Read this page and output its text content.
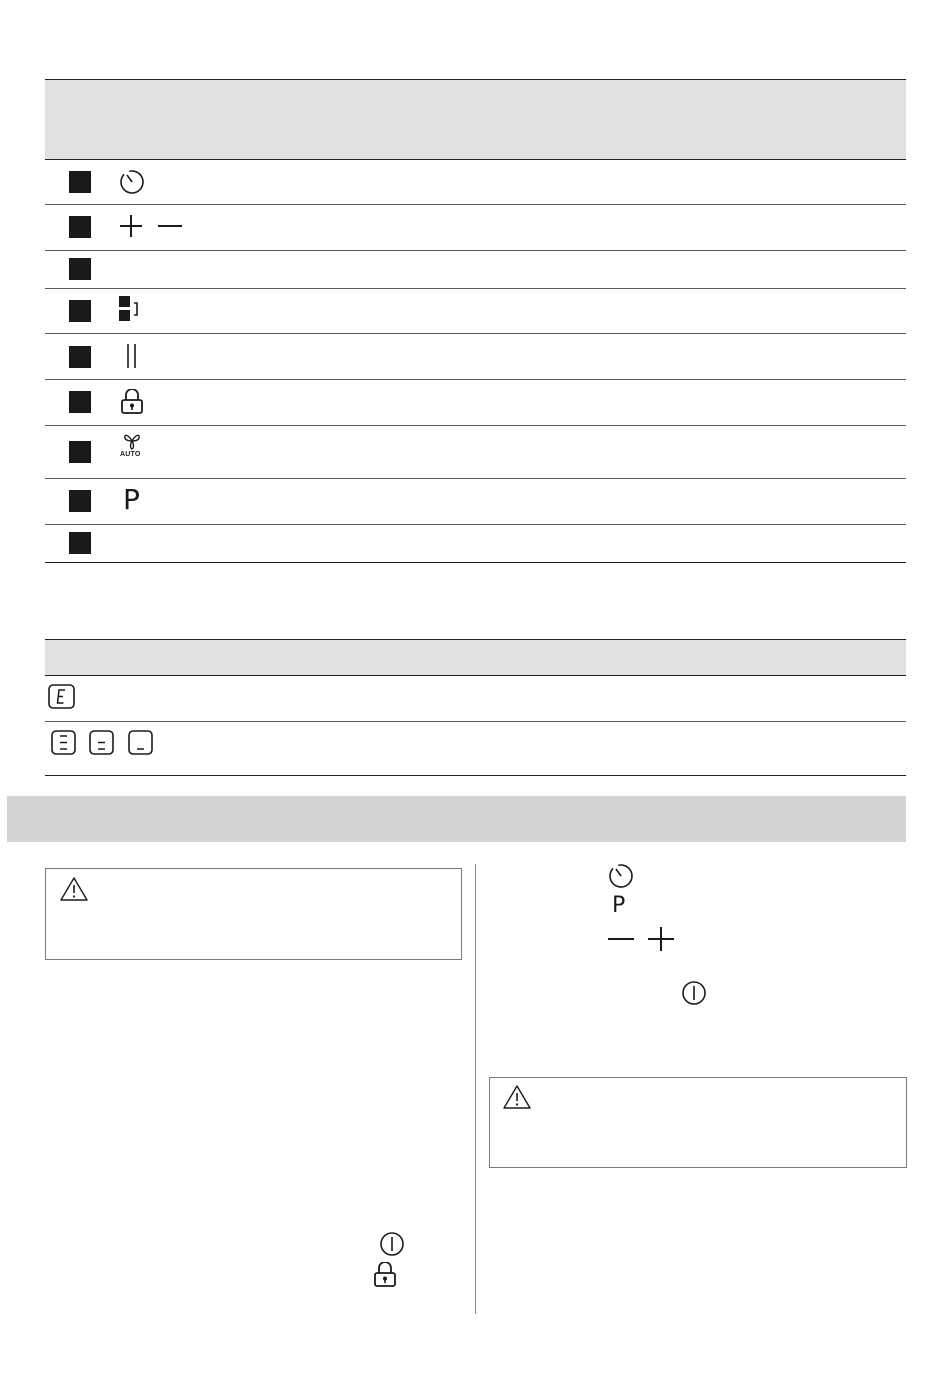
AUTO
P
P
